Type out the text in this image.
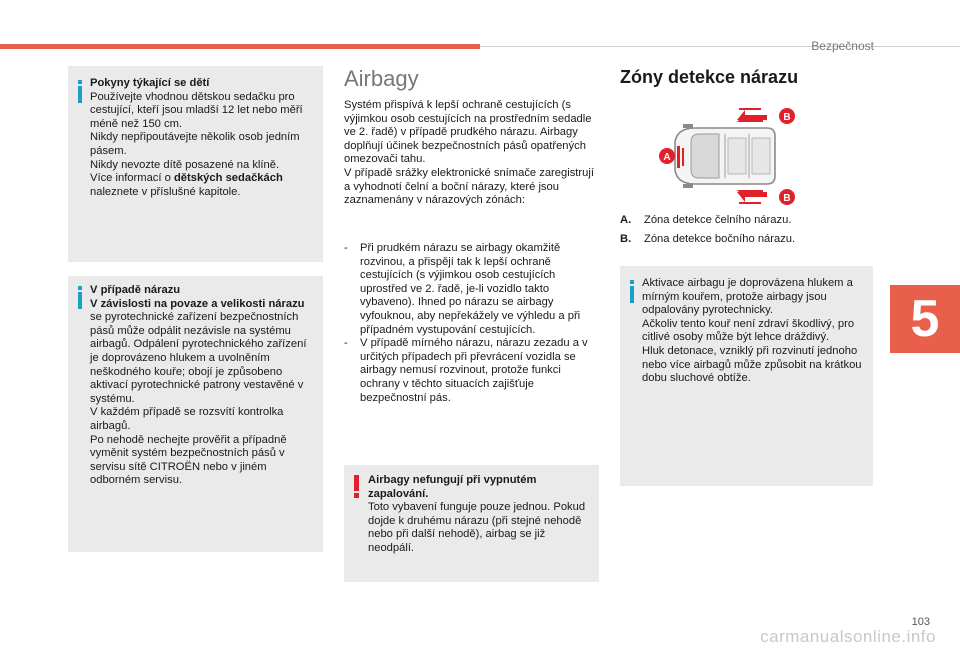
Bezpečnost
Pokyny týkající se dětí
Používejte vhodnou dětskou sedačku pro cestující, kteří jsou mladší 12 let nebo měří méně než 150 cm.
Nikdy nepřipoutávejte několik osob jedním pásem.
Nikdy nevozte dítě posazené na klíně.
Více informací o dětských sedačkách naleznete v příslušné kapitole.
V případě nárazu
V závislosti na povaze a velikosti nárazu se pyrotechnické zařízení bezpečnostních pásů může odpálit nezávisle na systému airbagů. Odpálení pyrotechnického zařízení je doprovázeno hlukem a uvolněním neškodného kouře; obojí je způsobeno aktivací pyrotechnické patrony vestavěné v systému.
V každém případě se rozsvítí kontrolka airbagů.
Po nehodě nechejte prověřit a případně vyměnit systém bezpečnostních pásů v servisu sítě CITROËN nebo v jiném odborném servisu.
Airbagy
Systém přispívá k lepší ochraně cestujících (s výjimkou osob cestujících na prostředním sedadle ve 2. řadě) v případě prudkého nárazu. Airbagy doplňují účinek bezpečnostních pásů opatřených omezovači tahu.
V případě srážky elektronické snímače zaregistrují a vyhodnotí čelní a boční nárazy, které jsou zaznamenány v nárazových zónách:
-	Při prudkém nárazu se airbagy okamžitě rozvinou, a přispějí tak k lepší ochraně cestujících (s výjimkou osob cestujících uprostřed ve 2. řadě, je-li vozidlo takto vybaveno). Ihned po nárazu se airbagy vyfouknou, aby nepřekážely ve výhledu a při případném vystupování cestujících.
-	V případě mírného nárazu, nárazu zezadu a v určitých případech při převrácení vozidla se airbagy nemusí rozvinout, protože funkci ochrany v těchto situacích zajišťuje bezpečnostní pás.
Airbagy nefungují při vypnutém zapalování.
Toto vybavení funguje pouze jednou. Pokud dojde k druhému nárazu (při stejné nehodě nebo při další nehodě), airbag se již neodpálí.
Zóny detekce nárazu
B
B
A
A. Zóna detekce čelního nárazu.
B. Zóna detekce bočního nárazu.
Aktivace airbagu je doprovázena hlukem a mírným kouřem, protože airbagy jsou odpalovány pyrotechnicky.
Ačkoliv tento kouř není zdraví škodlivý, pro citlivé osoby může být lehce dráždivý.
Hluk detonace, vzniklý při rozvinutí jednoho nebo více airbagů může způsobit na krátkou dobu sluchové obtíže.
5
103
carmanualsonline.info
